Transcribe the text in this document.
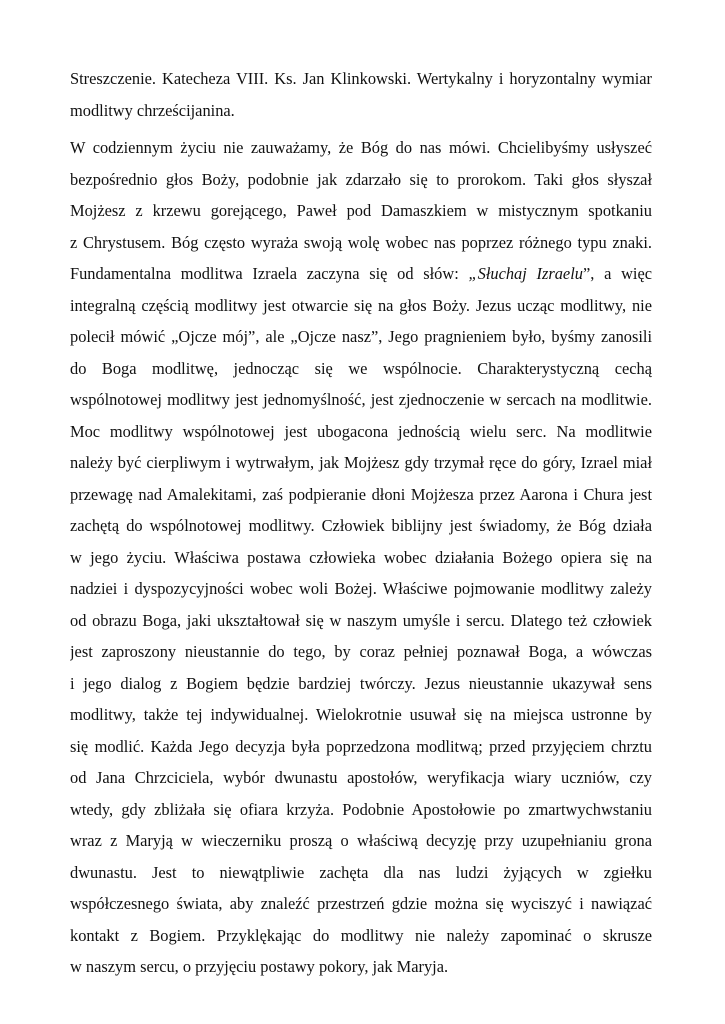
Streszczenie. Katecheza VIII. Ks. Jan Klinkowski. Wertykalny i horyzontalny wymiar
modlitwy chrześcijanina.
W codziennym życiu nie zauważamy, że Bóg do nas mówi. Chcielibyśmy usłyszeć
bezpośrednio głos Boży, podobnie jak zdarzało się to prorokom. Taki głos słyszał
Mojżesz z krzewu gorejącego, Paweł pod Damaszkiem w mistycznym spotkaniu
z Chrystusem. Bóg często wyraża swoją wolę wobec nas poprzez różnego typu znaki.
Fundamentalna modlitwa Izraela zaczyna się od słów: „Słuchaj Izraelu”, a więc
integralną częścią modlitwy jest otwarcie się na głos Boży. Jezus ucząc modlitwy, nie
polecił mówić „Ojcze mój”, ale „Ojcze nasz”, Jego pragnieniem było, byśmy zanosili
do Boga modlitwę, jednocząc się we wspólnocie. Charakterystyczną cechą
wspólnotowej modlitwy jest jednomyślność, jest zjednoczenie w sercach na modlitwie.
Moc modlitwy wspólnotowej jest ubogacona jednością wielu serc. Na modlitwie
należy być cierpliwym i wytrwałym, jak Mojżesz gdy trzymał ręce do góry, Izrael miał
przewagę nad Amalekitami, zaś podpieranie dłoni Mojżesza przez Aarona i Chura jest
zachętą do wspólnotowej modlitwy. Człowiek biblijny jest świadomy, że Bóg działa
w jego życiu. Właściwa postawa człowieka wobec działania Bożego opiera się na
nadziei i dyspozycyjności wobec woli Bożej. Właściwe pojmowanie modlitwy zależy
od obrazu Boga, jaki ukształtował się w naszym umyśle i sercu. Dlatego też człowiek
jest zaproszony nieustannie do tego, by coraz pełniej poznawał Boga, a wówczas
i jego dialog z Bogiem będzie bardziej twórczy. Jezus nieustannie ukazywał sens
modlitwy, także tej indywidualnej. Wielokrotnie usuwał się na miejsca ustronne by
się modlić. Każda Jego decyzja była poprzedzona modlitwą; przed przyjęciem chrztu
od Jana Chrzciciela, wybór dwunastu apostołów, weryfikacja wiary uczniów, czy
wtedy, gdy zbliżała się ofiara krzyża. Podobnie Apostołowie po zmartwychwstaniu
wraz z Maryją w wieczerniku proszą o właściwą decyzję przy uzupełnianiu grona
dwunastu. Jest to niewątpliwie zachęta dla nas ludzi żyjących w zgiełku
współczesnego świata, aby znaleźć przestrzeń gdzie można się wyciszyć i nawiązać
kontakt z Bogiem. Przyklękając do modlitwy nie należy zapominać o skrusze
w naszym sercu, o przyjęciu postawy pokory, jak Maryja.
